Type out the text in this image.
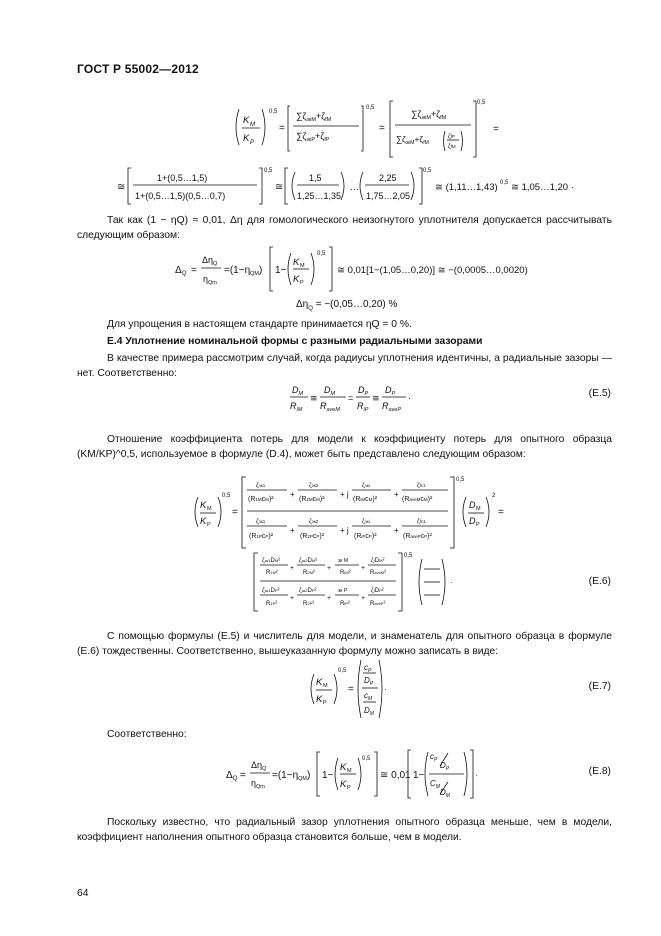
ГОСТ Р 55002—2012
K M
K P
0,5
=
$\sum\zeta_{зкМ}+\zeta_{fM}$
$\sum\zeta_{зкP}+\zeta_{fP}$
0,5
=
$\sum\zeta_{зкМ}+\zeta_{fM}$
$\sum\zeta_{зкМ}+\zeta_{fM}$
ζfP
ζfM
0,5
=
≅
1+(0,5…1,5)
1+(0,5…1,5)(0,5…0,7)
0,5
≅
1,5
1,25…1,35
…
2,25
1,75…2,05
0,5
≅ (1,11…1,43) 0,5 ≅ 1,05…1,20 ·
Так как (1 − ηQ) ≈ 0,01, Δη для гомологического неизогнутого уплотнителя допускается рассчитывать следующим образом:
$\Delta_Q$ =
$\Delta\eta_Q$
$\eta_{Qm}$
$=(1-\eta_{QM})$ 1−
K M
K P
0,5
≅ 0,01[1−(1,05…0,20)] ≅ −(0,0005…0,0020)
$\Delta\eta_Q$ = −(0,05…0,20) %
Для упрощения в настоящем стандарте принимается ηQ = 0 %.
E.4 Уплотнение номинальной формы с разными радиальными зазорами
В качестве примера рассмотрим случай, когда радиусы уплотнения идентичны, а радиальные зазоры — нет. Соответственно:
$D_M$
$R_{iM}$
≅
$D_M$
$R_{aveM}$
=
$D_P$
$R_{iP}$
≅
$D_P$
$R_{aveP}$
·	(E.5)
Отношение коэффициента потерь для модели к коэффициенту потерь для опытного образца (KM/KP)^0,5, используемое в формуле (D.4), может быть представлено следующим образом:
K M
K P
0,5
=
ζзк1
(R1McM)²
+
ζзк2
(R2McM)²
+ j
ζзкi
(RiMcM)²
+
ζfc1
(RaveMcM)²
ζзк1
(R1PcP)²
+
ζзк2
(R2PcP)²
+ j
ζзкi
(RiPcP)²
+
ζfc1
(RavePcP)²
0,5
D M
D P
2
=
ζзк1DM²
R1M²
+
ζзк2DM²
R2M²
+
зк M
RiM²
+
ζfDM²
RaveM²
ζзк1DP²
R1P²
+
ζзк2DP²
R2P²
+
зк P
RiP²
+
ζfDP²
RaveP²
0,5
·	(E.6)
С помощью формулы (E.5) и числитель для модели, и знаменатель для опытного образца в формуле (E.6) тождественны. Соответственно, вышеуказанную формулу можно записать в виде:
K M
K P
0,5
=
$c_P$
$D_P$
$c_M$
$D_M$
·	(E.7)
Соответственно:
$\Delta_Q$ =
$\Delta\eta_Q$
$\eta_{Qm}$
$=(1-\eta_{QM})$ 1−
K M
K P
0,5
≅ 0,01 1−
$c_P$
$D_P$
$C_M$
$D_M$
·	(E.8)
Поскольку известно, что радиальный зазор уплотнения опытного образца меньше, чем в модели, коэффициент наполнения опытного образца становится больше, чем в модели.
64
